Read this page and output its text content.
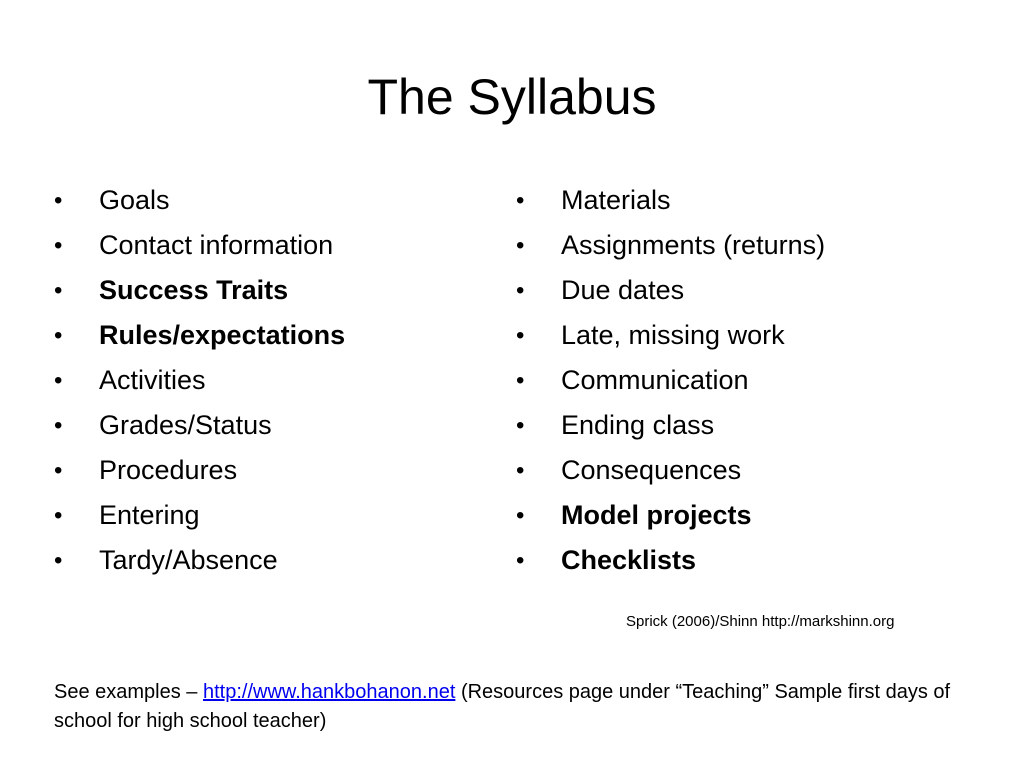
The Syllabus
• Goals
• Contact information
• Success Traits
• Rules/expectations
• Activities
• Grades/Status
• Procedures
• Entering
• Tardy/Absence
• Materials
• Assignments (returns)
• Due dates
• Late, missing work
• Communication
• Ending class
• Consequences
• Model projects
• Checklists
Sprick (2006)/Shinn http://markshinn.org
See examples – http://www.hankbohanon.net (Resources page under “Teaching” Sample first days of school for high school teacher)
